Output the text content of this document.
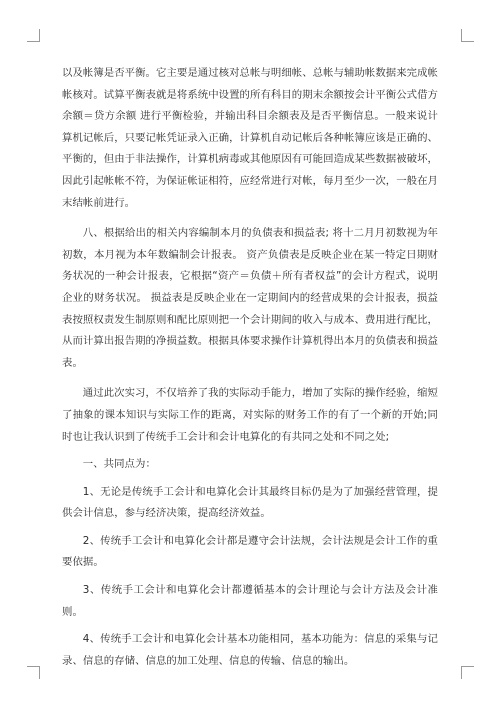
以及帐簿是否平衡。它主要是通过核对总帐与明细帐、总帐与辅助帐数据来完成帐帐核对。试算平衡表就是将系统中设置的所有科目的期末余额按会计平衡公式借方余额＝贷方余额 进行平衡检验，并输出科目余额表及是否平衡信息。一般来说计算机记帐后，只要记帐凭证录入正确，计算机自动记帐后各种帐簿应该是正确的、平衡的，但由于非法操作，计算机病毒或其他原因有可能回造成某些数据被破坏，因此引起帐帐不符，为保证帐证相符，应经常进行对帐，每月至少一次，一般在月末结帐前进行。

八、根据给出的相关内容编制本月的负债表和损益表; 将十二月月初数视为年初数，本月视为本年数编制会计报表。 资产负债表是反映企业在某一特定日期财务状况的一种会计报表，它根据“资产＝负债＋所有者权益”的会计方程式，说明企业的财务状况。 损益表是反映企业在一定期间内的经营成果的会计报表，损益表按照权责发生制原则和配比原则把一个会计期间的收入与成本、费用进行配比，从而计算出报告期的净损益数。根据具体要求操作计算机得出本月的负债表和损益表。

通过此次实习，不仅培养了我的实际动手能力，增加了实际的操作经验，缩短了抽象的课本知识与实际工作的距离，对实际的财务工作的有了一个新的开始;同时也让我认识到了传统手工会计和会计电算化的有共同之处和不同之处;

一、共同点为：

1、无论是传统手工会计和电算化会计其最终目标仍是为了加强经营管理，提供会计信息，参与经济决策，提高经济效益。

2、传统手工会计和电算化会计都是遵守会计法规，会计法规是会计工作的重要依据。

3、传统手工会计和电算化会计都遵循基本的会计理论与会计方法及会计准则。

4、传统手工会计和电算化会计基本功能相同，基本功能为：信息的采集与记录、信息的存储、信息的加工处理、信息的传输、信息的输出。
